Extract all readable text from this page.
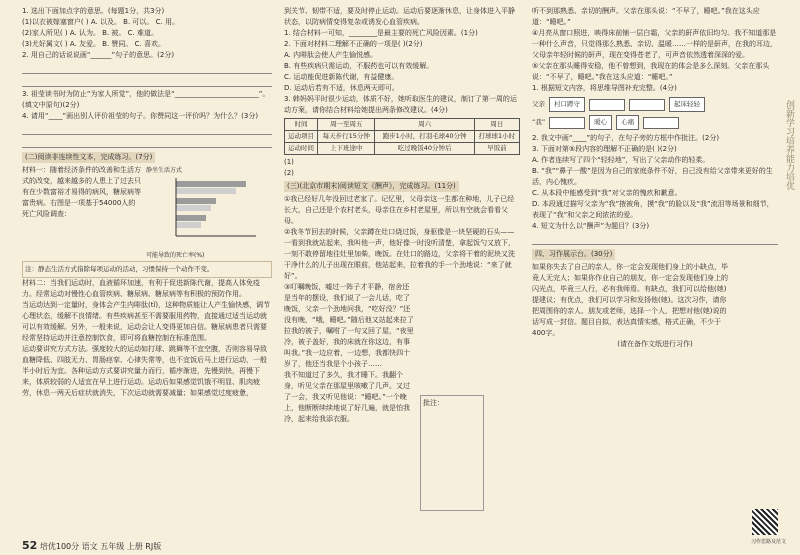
1. 选出下面加点字的意思。(每题1分，共3分)

(1)以衣被嫁塞窗户( ) A. 以及。 B. 可以。 C. 用。

(2)家人所见( ) A. 认为。 B. 被。 C. 难道。

(3)尤好属文( ) A. 友爱。 B. 赞同。 C. 喜欢。

2. 用自己的话说说画“______”句子的意思。(2分)

3. 祖莹读书时为防止“为家人所觉”，他的做法是“________________________”。(填文中原句)(2分)

4. 请用“____”画出别人评价祖莹的句子。你赞同这一评价吗？为什么？(3分)

(二)阅读非连续性文本，完成练习。(7分)

材料一：随着经济条件的改善和生活方式的改变，越来越多的人患上了过去只有在少数富裕才易得的病风，糖尿病等富贵病。右图是一项基于54000人的死亡风险调查：

静坐生活方式
可能导致的死亡率(%)
注：静态生活方式指除每项运动的活动，习惯保持一个动作不变。

材料二：当我们运动时，血液循环加速，有利于促进新陈代谢，提高人体免疫力。经常运动对慢性心血管疾病、糖尿病、糖尿病等有积极的预防作用。

当运动达到一定量时，身体会产生内啡肽(tǐ)，这种物质能让人产生愉快感，调节心理状态，缓解不良情绪。有些疾病甚至不需要服用药物，直接通过适当运动就可以有效缓解。另外，一般来说，运动会让人变得更加自信。糖尿病患者只需要经常坚持运动并注意控制饮食，即可将血糖控制在标准范围。

运动要讲究方式方法。强度较大的运动如打球、跳舞等不宜空腹，否则容易导致血糖降低、四肢无力、胃肠痉挛、心律失常等，也不宜饭后马上进行运动，一般半小时后为宜。各种运动方式要讲究量力而行，循序渐进，先慢到快，再慢下来，体质较弱的人适宜在早上进行运动。运动后如果感觉饥饿不明显、肌肉疲劳，休息一两天后症状就消失，下次运动就需要减量；如果感觉过度疲惫，

到关节、韧带不适，要及时停止运动。运动后要逐渐休息，让身体进入平静状态，以防病情变得复杂或诱发心血管疾病。

1. 结合材料一可知，________是最主要的死亡风险因素。(1分)

2. 下面对材料二理解不正确的一项是( )(2分)

A. 内啡肽会使人产生愉悦感。

B. 有些疾病只需运动，不服药也可以有效缓解。

C. 运动能促进新陈代谢，有益健康。

D. 运动后若有不适，休息两天即可。

3. 韩妈妈平时很少运动，体质不好，她听取医生的建议，制订了第一周的运动方案，请你结合材料给她提出两条修改建议。(4分)

时间	周一至周五	周六	周日
运动项目	每天步行15分钟	跑步1小时，打羽毛球40分钟	打球球1小时
运动时间	上下班途中	吃过晚饭40分钟后	早饭前

(1)

(2)

(三)(北京市期末)阅读短文《酬声》，完成练习。(11分)

①我已经好几年没回过老家了。记忆里，父母亲这一生都在种地，儿子已经长大，自己还是个农村老头，母亲住在乡村老屋里，所以有空就会看看父母。

②我冬节回去的时候，父亲蹲在灶口烧过饭，身驱像是一块坚硬的石头——一看到我就站起来，我叫他一声，他好像一时没听清楚，拿起饭勺又放下，一刻不敢停留地往灶里加柴，晚饭。在灶口的路边，父亲将干着的泥块又洗干净什么的儿子出现在眼前，他站起来，拉着我的手一个劲地说：“来了就好”。

③叮嘱晚饭，嘘过一阵子才平静，宿舍还是当年的摆设，我们说了一会儿话，吃了晚饭，父亲一个劲地问我，“吃好没？”还没有晚，“哦，睡吧。”随后他又站起来拉了拉我的被子，嘱咐了一句又回了屋，“夜里冷，被子盖好，我的床就在你这边，有事叫我。”我一边应着，一边想，我都快四十岁了，他还当我是个小孩子……

我不知道过了多久，我才睡下。我翻个身，听见父亲在那屋里咳嗽了几声。又过了一会，我又听见他说：“睡吧。”一个晚上，他断断续续地说了好几遍，就是怕我冷，起来给我添衣服。

批注：

听不到那熟悉、亲切的酬声。父亲在那头说：“不早了，睡吧。”我在这头应道：“睡吧。”

④月亮从窗口照进，映得床前铺一层白霜，父亲的鼾声依旧均匀。我不知道那是一种什么声音，只觉得那么熟悉、亲切、温暖……一样的是鼾声，在我的耳边，父母亲年轻时候的鼾声，现在变得苍老了，可声音依然透着深深的爱。

⑤父亲在那头睡得安稳，他不曾想到，我现在的体会是多么深刻。父亲在那头说：“不早了，睡吧。”我在这头应道：“睡吧。”

1. 根据短文内容，将思维导图补充完整。(4分)

父亲	村口蹲守	起床轻轻
“我”	暖心	心痛

2. 我文中画“____”的句子，在句子旁的方框中作批注。(2分)

3. 下面对第⑤段内容的理解不正确的是( )(2分)

A. 作者连续写了四个“轻轻地”，写出了父亲动作的轻柔。

B. “我”“鼻子一酸”是因为自己的家庭条件不好，自己没有给父亲带来更好的生活，内心愧疚。

C. 从本段中能感受到“我”对父亲的愧疚和歉意。

D. 本段通过描写父亲为“我”掖被角，摸“我”的脸以及“我”流泪等场景和细节，表现了“我”和父亲之间浓浓的爱。

4. 短文为什么以“酬声”为题目？(3分)

四、习作展示台。(30分)

如果你失去了自己的亲人，你一定会发现他们身上的小缺点，毕竟人无完人；如果你作业自己的朋友，你一定会发现他们身上的闪光点，毕竟三人行，必有我师焉。有缺点，我们可以给他(她)提建议；有优点，我们可以学习和发扬他(她)。这次习作，请你把周围你的亲人、朋友或老师，选择一个人，把想对他(她)说的话写成一封信。题目自拟，表达真情实感，格式正确，不少于400字。

(请在备作文纸进行习作)

习作思路及范文
创新学习培养能力培优
52 培优100分 语文 五年级 上册 RJ版
